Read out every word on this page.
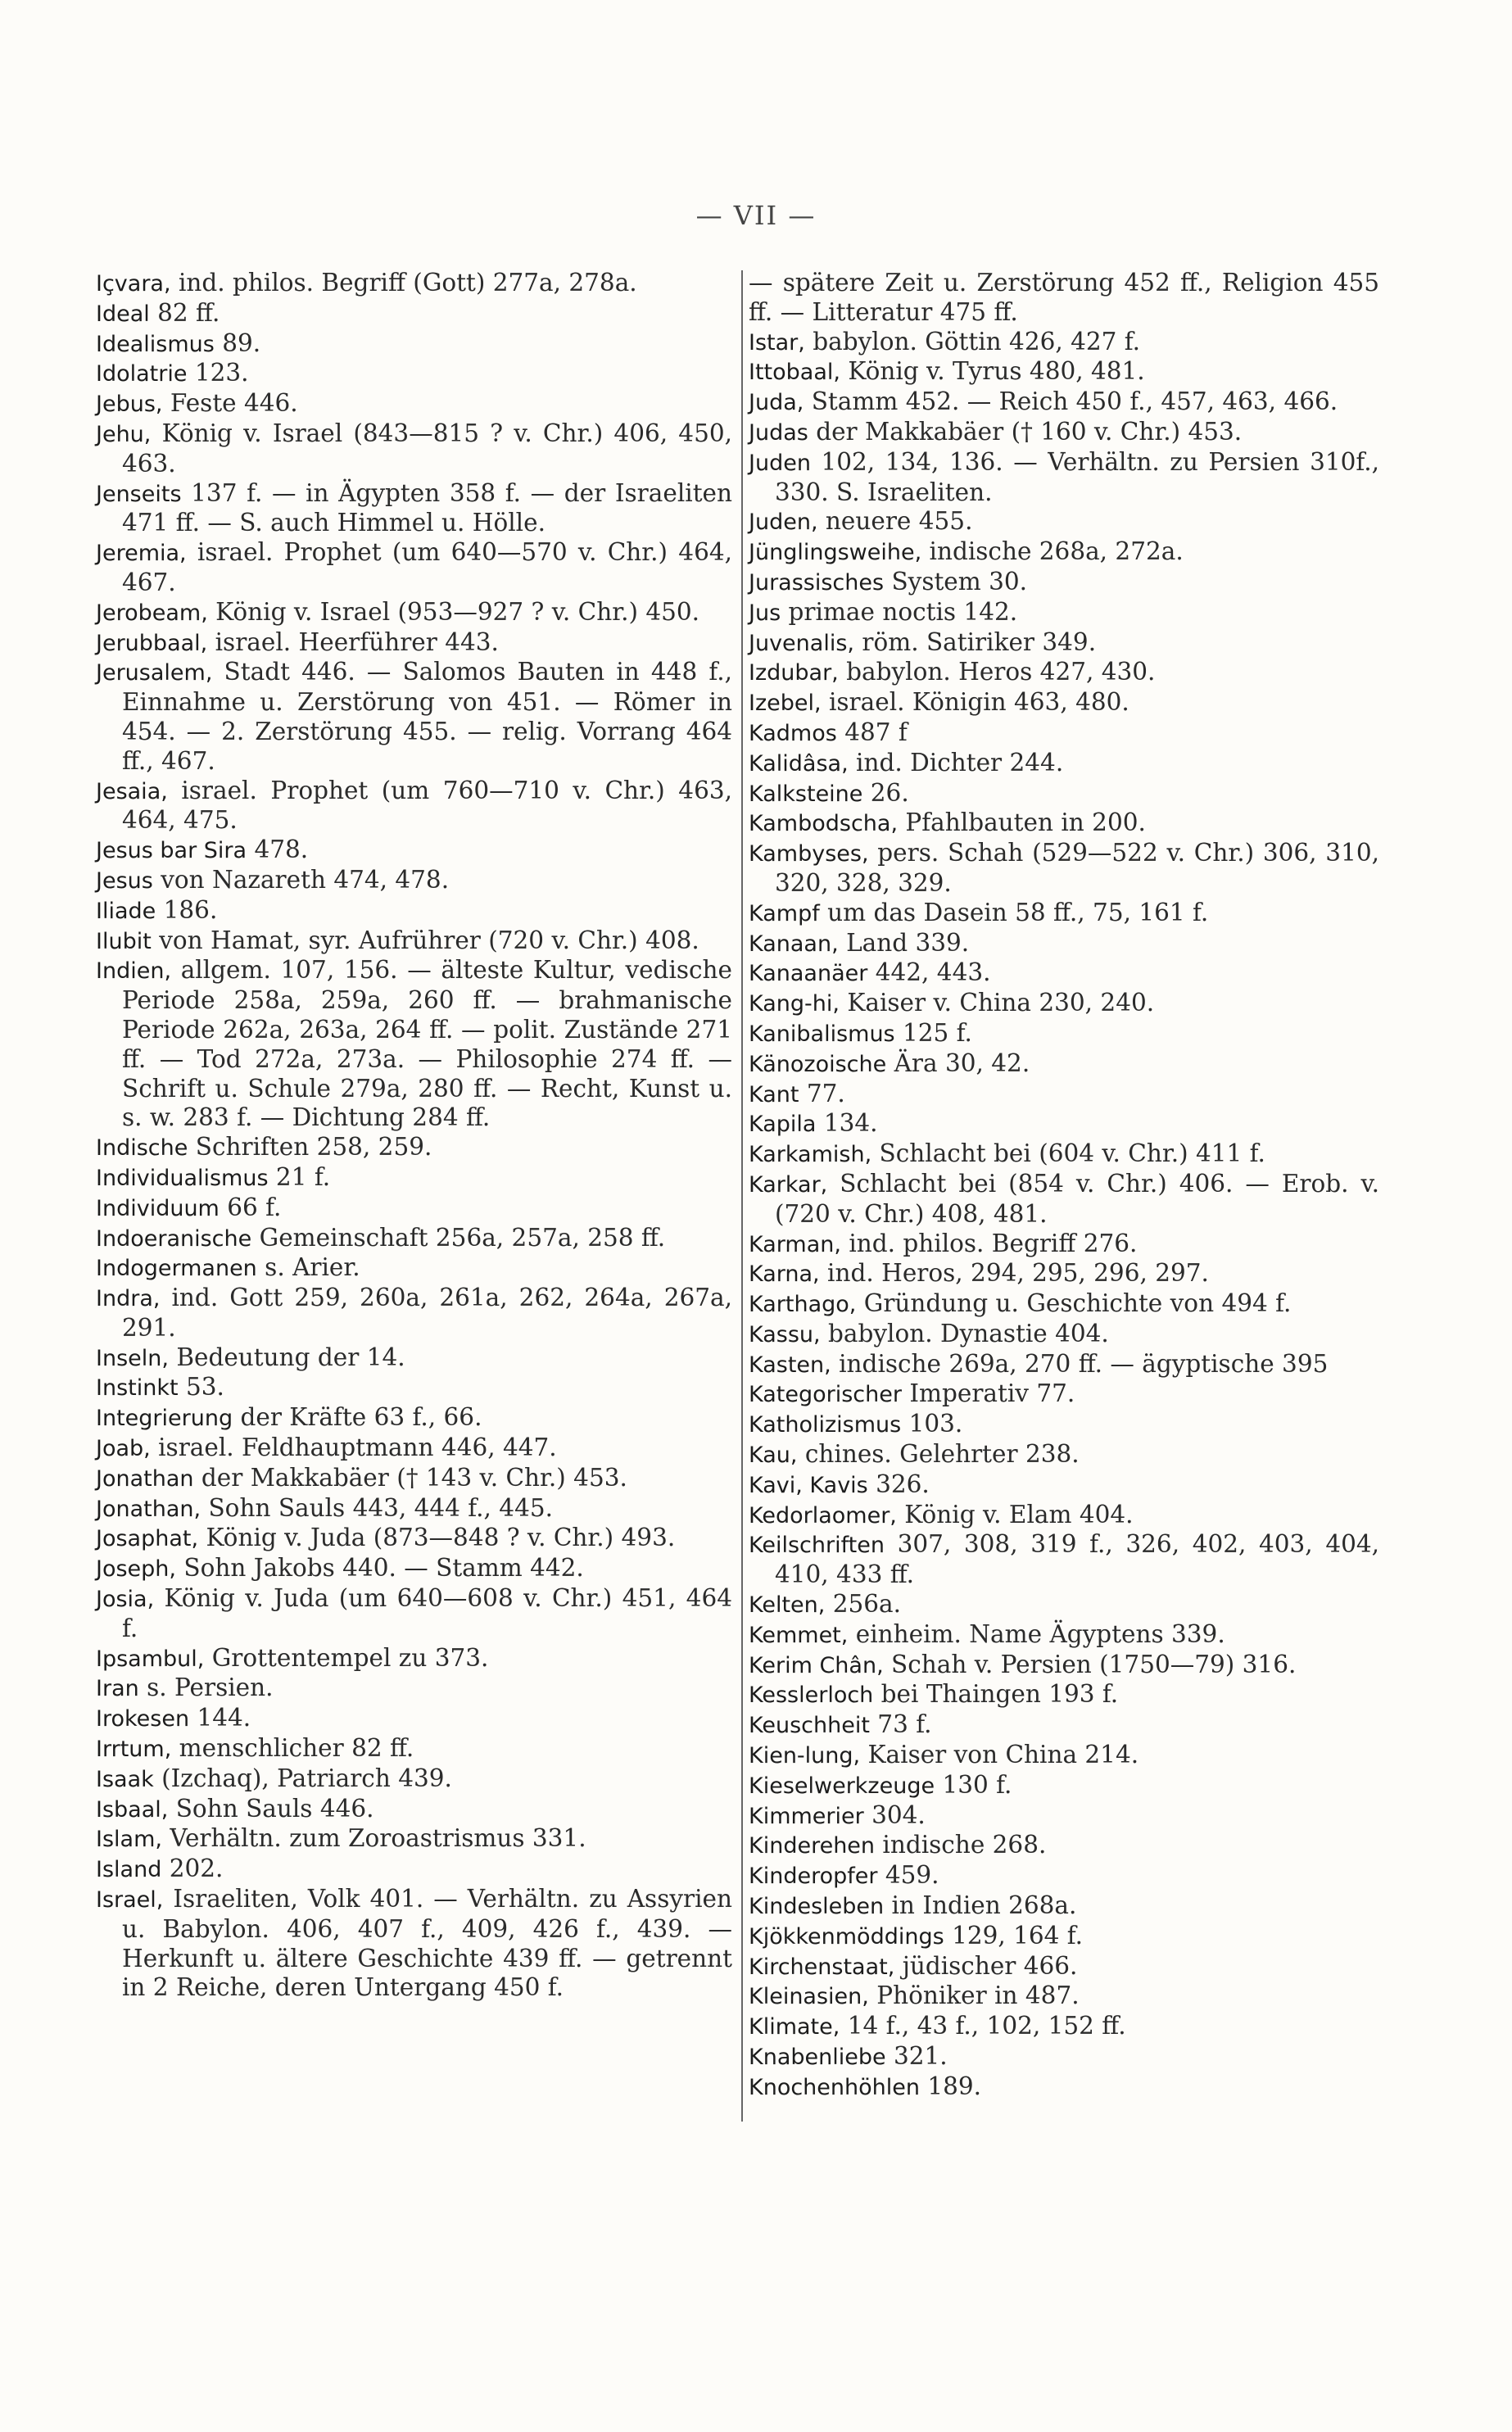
— VII —

Içvara, ind. philos. Begriff (Gott) 277a, 278a.

Ideal 82 ff.

Idealismus 89.

Idolatrie 123.

Jebus, Feste 446.

Jehu, König v. Israel (843—815 ? v. Chr.) 406, 450, 463.

Jenseits 137 f. — in Ägypten 358 f. — der Israeliten 471 ff. — S. auch Himmel u. Hölle.

Jeremia, israel. Prophet (um 640—570 v. Chr.) 464, 467.

Jerobeam, König v. Israel (953—927 ? v. Chr.) 450.

Jerubbaal, israel. Heerführer 443.

Jerusalem, Stadt 446. — Salomos Bauten in 448 f., Einnahme u. Zerstörung von 451. — Römer in 454. — 2. Zerstörung 455. — relig. Vorrang 464 ff., 467.

Jesaia, israel. Prophet (um 760—710 v. Chr.) 463, 464, 475.

Jesus bar Sira 478.

Jesus von Nazareth 474, 478.

Iliade 186.

Ilubit von Hamat, syr. Aufrührer (720 v. Chr.) 408.

Indien, allgem. 107, 156. — älteste Kultur, vedische Periode 258a, 259a, 260 ff. — brahmanische Periode 262a, 263a, 264 ff. — polit. Zustände 271 ff. — Tod 272a, 273a. — Philosophie 274 ff. — Schrift u. Schule 279a, 280 ff. — Recht, Kunst u. s. w. 283 f. — Dichtung 284 ff.

Indische Schriften 258, 259.

Individualismus 21 f.

Individuum 66 f.

Indoeranische Gemeinschaft 256a, 257a, 258 ff.

Indogermanen s. Arier.

Indra, ind. Gott 259, 260a, 261a, 262, 264a, 267a, 291.

Inseln, Bedeutung der 14.

Instinkt 53.

Integrierung der Kräfte 63 f., 66.

Joab, israel. Feldhauptmann 446, 447.

Jonathan der Makkabäer († 143 v. Chr.) 453.

Jonathan, Sohn Sauls 443, 444 f., 445.

Josaphat, König v. Juda (873—848 ? v. Chr.) 493.

Joseph, Sohn Jakobs 440. — Stamm 442.

Josia, König v. Juda (um 640—608 v. Chr.) 451, 464 f.

Ipsambul, Grottentempel zu 373.

Iran s. Persien.

Irokesen 144.

Irrtum, menschlicher 82 ff.

Isaak (Izchaq), Patriarch 439.

Isbaal, Sohn Sauls 446.

Islam, Verhältn. zum Zoroastrismus 331.

Island 202.

Israel, Israeliten, Volk 401. — Verhältn. zu Assyrien u. Babylon. 406, 407 f., 409, 426 f., 439. — Herkunft u. ältere Geschichte 439 ff. — getrennt in 2 Reiche, deren Untergang 450 f.

— spätere Zeit u. Zerstörung 452 ff., Religion 455 ff. — Litteratur 475 ff.

Istar, babylon. Göttin 426, 427 f.

Ittobaal, König v. Tyrus 480, 481.

Juda, Stamm 452. — Reich 450 f., 457, 463, 466.

Judas der Makkabäer († 160 v. Chr.) 453.

Juden 102, 134, 136. — Verhältn. zu Persien 310f., 330. S. Israeliten.

Juden, neuere 455.

Jünglingsweihe, indische 268a, 272a.

Jurassisches System 30.

Jus primae noctis 142.

Juvenalis, röm. Satiriker 349.

Izdubar, babylon. Heros 427, 430.

Izebel, israel. Königin 463, 480.

Kadmos 487 f

Kalidâsa, ind. Dichter 244.

Kalksteine 26.

Kambodscha, Pfahlbauten in 200.

Kambyses, pers. Schah (529—522 v. Chr.) 306, 310, 320, 328, 329.

Kampf um das Dasein 58 ff., 75, 161 f.

Kanaan, Land 339.

Kanaanäer 442, 443.

Kang-hi, Kaiser v. China 230, 240.

Kanibalismus 125 f.

Känozoische Ära 30, 42.

Kant 77.

Kapila 134.

Karkamish, Schlacht bei (604 v. Chr.) 411 f.

Karkar, Schlacht bei (854 v. Chr.) 406. — Erob. v. (720 v. Chr.) 408, 481.

Karman, ind. philos. Begriff 276.

Karna, ind. Heros, 294, 295, 296, 297.

Karthago, Gründung u. Geschichte von 494 f.

Kassu, babylon. Dynastie 404.

Kasten, indische 269a, 270 ff. — ägyptische 395

Kategorischer Imperativ 77.

Katholizismus 103.

Kau, chines. Gelehrter 238.

Kavi, Kavis 326.

Kedorlaomer, König v. Elam 404.

Keilschriften 307, 308, 319 f., 326, 402, 403, 404, 410, 433 ff.

Kelten, 256a.

Kemmet, einheim. Name Ägyptens 339.

Kerim Chân, Schah v. Persien (1750—79) 316.

Kesslerloch bei Thaingen 193 f.

Keuschheit 73 f.

Kien-lung, Kaiser von China 214.

Kieselwerkzeuge 130 f.

Kimmerier 304.

Kinderehen indische 268.

Kinderopfer 459.

Kindesleben in Indien 268a.

Kjökkenmöddings 129, 164 f.

Kirchenstaat, jüdischer 466.

Kleinasien, Phöniker in 487.

Klimate, 14 f., 43 f., 102, 152 ff.

Knabenliebe 321.

Knochenhöhlen 189.
